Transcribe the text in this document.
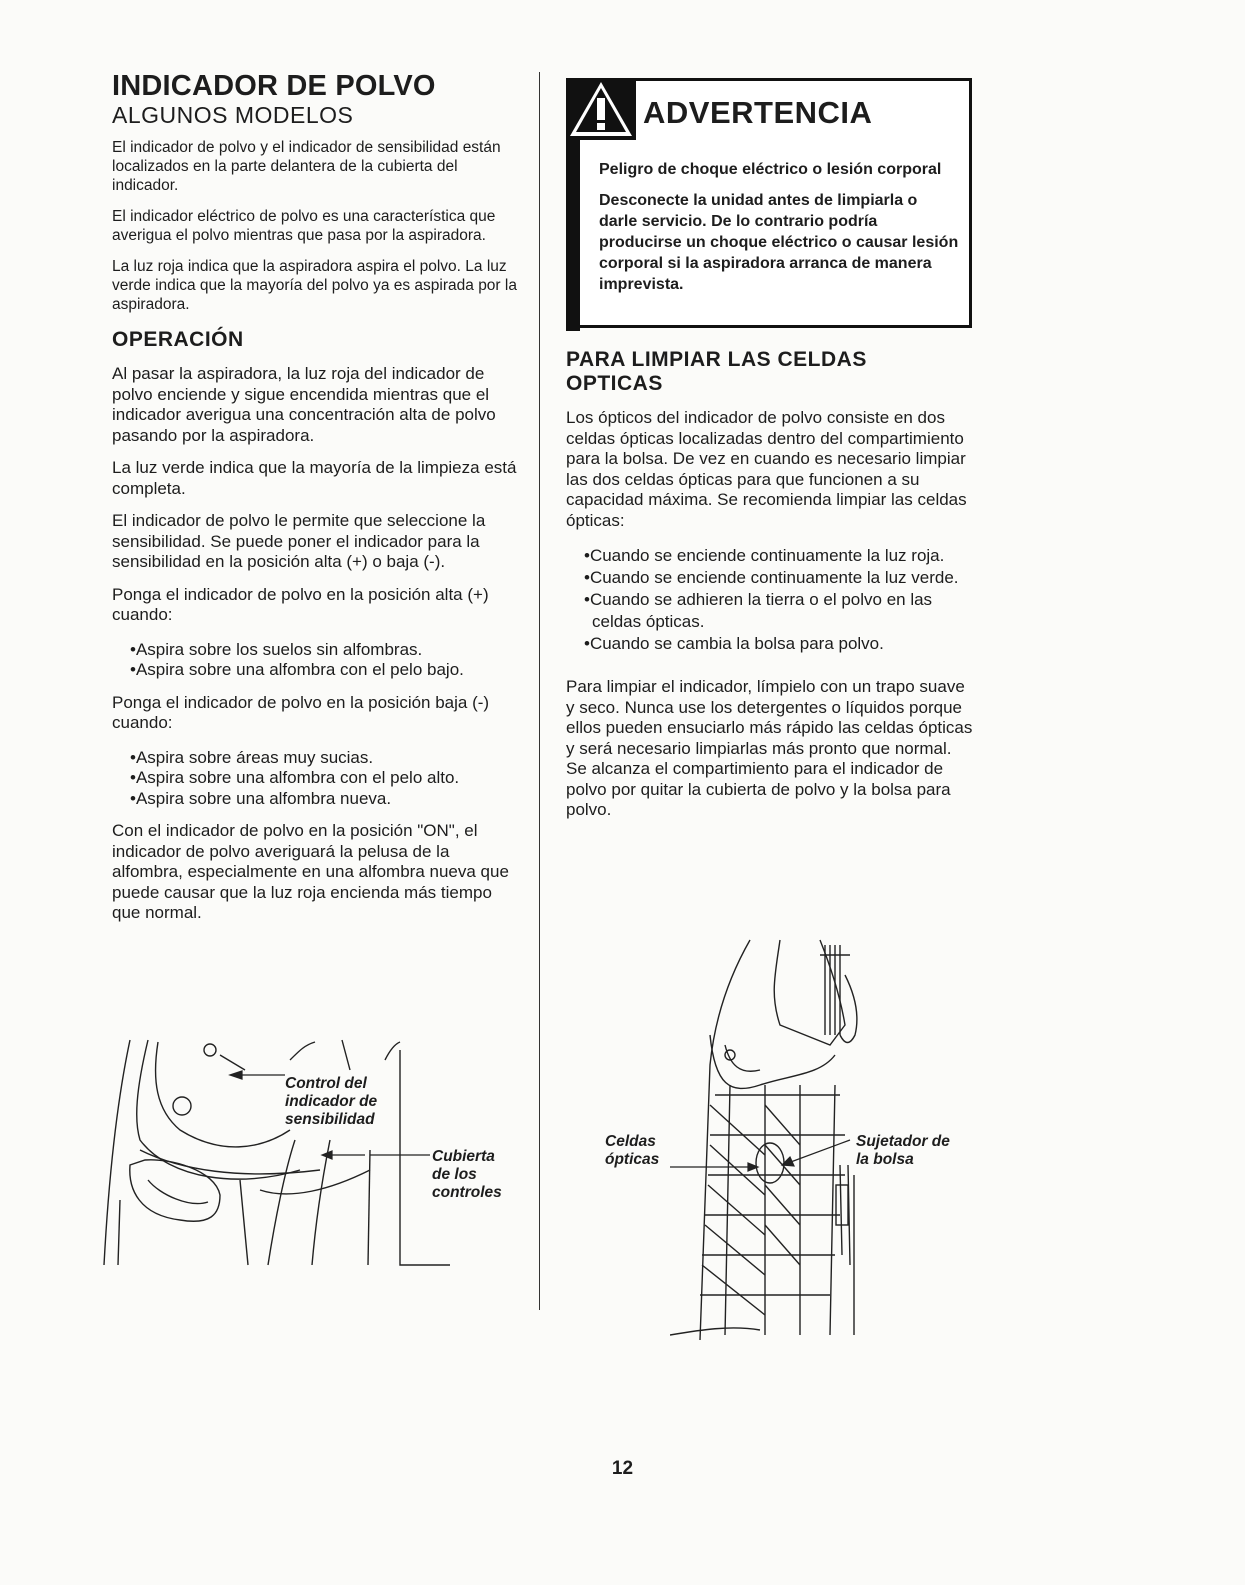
INDICADOR DE POLVO
ALGUNOS MODELOS

El indicador de polvo y el indicador de sensibilidad están localizados en la parte delantera de la cubierta del indicador.

El indicador eléctrico de polvo es una característica que averigua el polvo mientras que pasa por la aspiradora.

La luz roja indica que la aspiradora aspira el polvo. La luz verde indica que la mayoría del polvo ya es aspirada por la aspiradora.

OPERACIÓN

Al pasar la aspiradora, la luz roja del indicador de polvo enciende y sigue encendida mientras que el indicador averigua una concentración alta de polvo pasando por la aspiradora.

La luz verde indica que la mayoría de la limpieza está completa.

El indicador de polvo le permite que seleccione la sensibilidad. Se puede poner el indicador para la sensibilidad en la posición alta (+) o baja (-).

Ponga el indicador de polvo en la posición alta (+) cuando:

•Aspira sobre los suelos sin alfombras.
•Aspira sobre una alfombra con el pelo bajo.

Ponga el indicador de polvo en la posición baja (-) cuando:

•Aspira sobre áreas muy sucias.
•Aspira sobre una alfombra con el pelo alto.
•Aspira sobre una alfombra nueva.

Con el indicador de polvo en la posición "ON", el indicador de polvo averiguará la pelusa de la alfombra, especialmente en una alfombra nueva que puede causar que la luz roja encienda más tiempo que normal.

Control del indicador de sensibilidad
Cubierta de los controles
ADVERTENCIA

Peligro de choque eléctrico o lesión corporal

Desconecte la unidad antes de limpiarla o darle servicio. De lo contrario podría producirse un choque eléctrico o causar lesión corporal si la aspiradora arranca de manera imprevista.

PARA LIMPIAR LAS CELDAS OPTICAS

Los ópticos del indicador de polvo consiste en dos celdas ópticas localizadas dentro del compartimiento para la bolsa. De vez en cuando es necesario limpiar las dos celdas ópticas para que funcionen a su capacidad máxima. Se recomienda limpiar las celdas ópticas:

•Cuando se enciende continuamente la luz roja.
•Cuando se enciende continuamente la luz verde.
•Cuando se adhieren la tierra o el polvo en las celdas ópticas.
•Cuando se cambia la bolsa para polvo.

Para limpiar el indicador, límpielo con un trapo suave y seco. Nunca use los detergentes o líquidos porque ellos pueden ensuciarlo más rápido las celdas ópticas y será necesario limpiarlas más pronto que normal. Se alcanza el compartimiento para el indicador de polvo por quitar la cubierta de polvo y la bolsa para polvo.

Celdas ópticas
Sujetador de la bolsa
12
